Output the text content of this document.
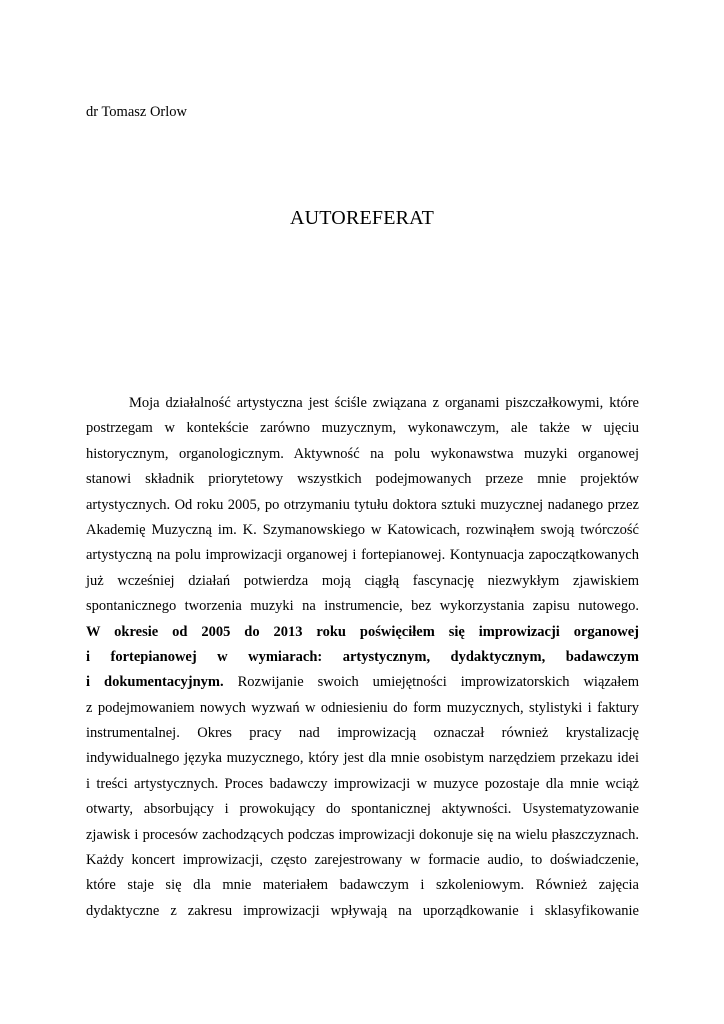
dr Tomasz Orlow
AUTOREFERAT
Moja działalność artystyczna jest ściśle związana z organami piszczałkowymi, które
postrzegam w kontekście zarówno muzycznym, wykonawczym, ale także w ujęciu
historycznym, organologicznym. Aktywność na polu wykonawstwa muzyki organowej
stanowi składnik priorytetowy wszystkich podejmowanych przeze mnie projektów
artystycznych. Od roku 2005, po otrzymaniu tytułu doktora sztuki muzycznej nadanego przez
Akademię Muzyczną im. K. Szymanowskiego w Katowicach, rozwinąłem swoją twórczość
artystyczną na polu improwizacji organowej i fortepianowej. Kontynuacja zapoczątkowanych
już wcześniej działań potwierdza moją ciągłą fascynację niezwykłym zjawiskiem
spontanicznego tworzenia muzyki na instrumencie, bez wykorzystania zapisu nutowego.
W okresie od 2005 do 2013 roku poświęciłem się improwizacji organowej
i fortepianowej w wymiarach: artystycznym, dydaktycznym, badawczym
i dokumentacyjnym. Rozwijanie swoich umiejętności improwizatorskich wiązałem
z podejmowaniem nowych wyzwań w odniesieniu do form muzycznych, stylistyki i faktury
instrumentalnej. Okres pracy nad improwizacją oznaczał również krystalizację
indywidualnego języka muzycznego, który jest dla mnie osobistym narzędziem przekazu idei
i treści artystycznych. Proces badawczy improwizacji w muzyce pozostaje dla mnie wciąż
otwarty, absorbujący i prowokujący do spontanicznej aktywności. Usystematyzowanie
zjawisk i procesów zachodzących podczas improwizacji dokonuje się na wielu płaszczyznach.
Każdy koncert improwizacji, często zarejestrowany w formacie audio, to doświadczenie,
które staje się dla mnie materiałem badawczym i szkoleniowym. Również zajęcia
dydaktyczne z zakresu improwizacji wpływają na uporządkowanie i sklasyfikowanie
